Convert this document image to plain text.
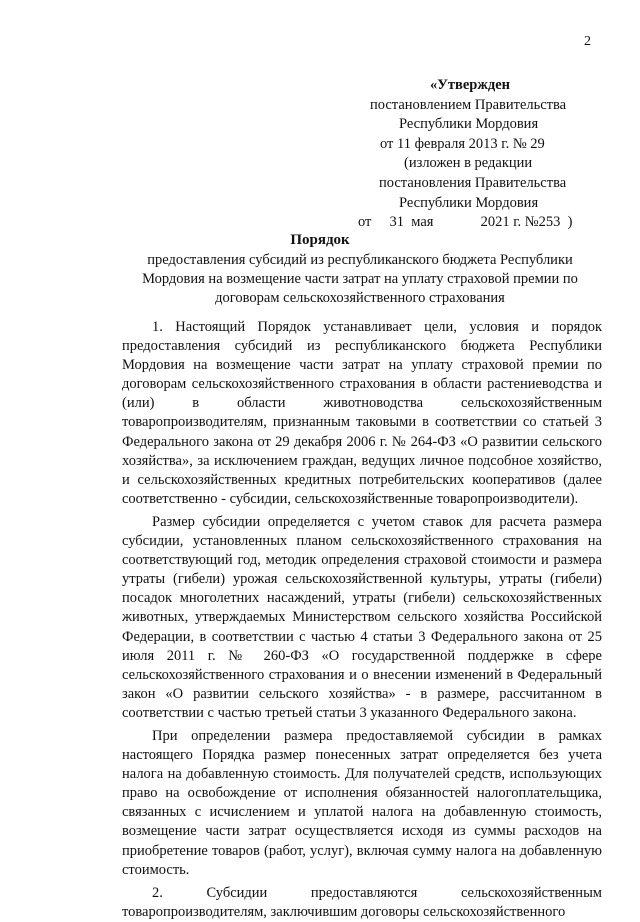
2
«Утвержден
постановлением Правительства
Республики Мордовия
от 11 февраля 2013 г. № 29
(изложен в редакции
постановления Правительства
Республики Мордовия
от     31  мая             2021 г. №253  )
Порядок
предоставления субсидий из республиканского бюджета Республики Мордовия на возмещение части затрат на уплату страховой премии по договорам сельскохозяйственного страхования

1. Настоящий Порядок устанавливает цели, условия и порядок предоставления субсидий из республиканского бюджета Республики Мордовия на возмещение части затрат на уплату страховой премии по договорам сельскохозяйственного страхования в области растениеводства и (или) в области животноводства сельскохозяйственным товаропроизводителям, признанным таковыми в соответствии со статьей 3 Федерального закона от 29 декабря 2006 г. № 264-ФЗ «О развитии сельского хозяйства», за исключением граждан, ведущих личное подсобное хозяйство, и сельскохозяйственных кредитных потребительских кооперативов (далее соответственно - субсидии, сельскохозяйственные товаропроизводители).

Размер субсидии определяется с учетом ставок для расчета размера субсидии, установленных планом сельскохозяйственного страхования на соответствующий год, методик определения страховой стоимости и размера утраты (гибели) урожая сельскохозяйственной культуры, утраты (гибели) посадок многолетних насаждений, утраты (гибели) сельскохозяйственных животных, утверждаемых Министерством сельского хозяйства Российской Федерации, в соответствии с частью 4 статьи 3 Федерального закона от 25 июля 2011 г. № 260-ФЗ «О государственной поддержке в сфере сельскохозяйственного страхования и о внесении изменений в Федеральный закон «О развитии сельского хозяйства» - в размере, рассчитанном в соответствии с частью третьей статьи 3 указанного Федерального закона.

При определении размера предоставляемой субсидии в рамках настоящего Порядка размер понесенных затрат определяется без учета налога на добавленную стоимость. Для получателей средств, использующих право на освобождение от исполнения обязанностей налогоплательщика, связанных с исчислением и уплатой налога на добавленную стоимость, возмещение части затрат осуществляется исходя из суммы расходов на приобретение товаров (работ, услуг), включая сумму налога на добавленную стоимость.

2. Субсидии предоставляются сельскохозяйственным товаропроизводителям, заключившим договоры сельскохозяйственного
